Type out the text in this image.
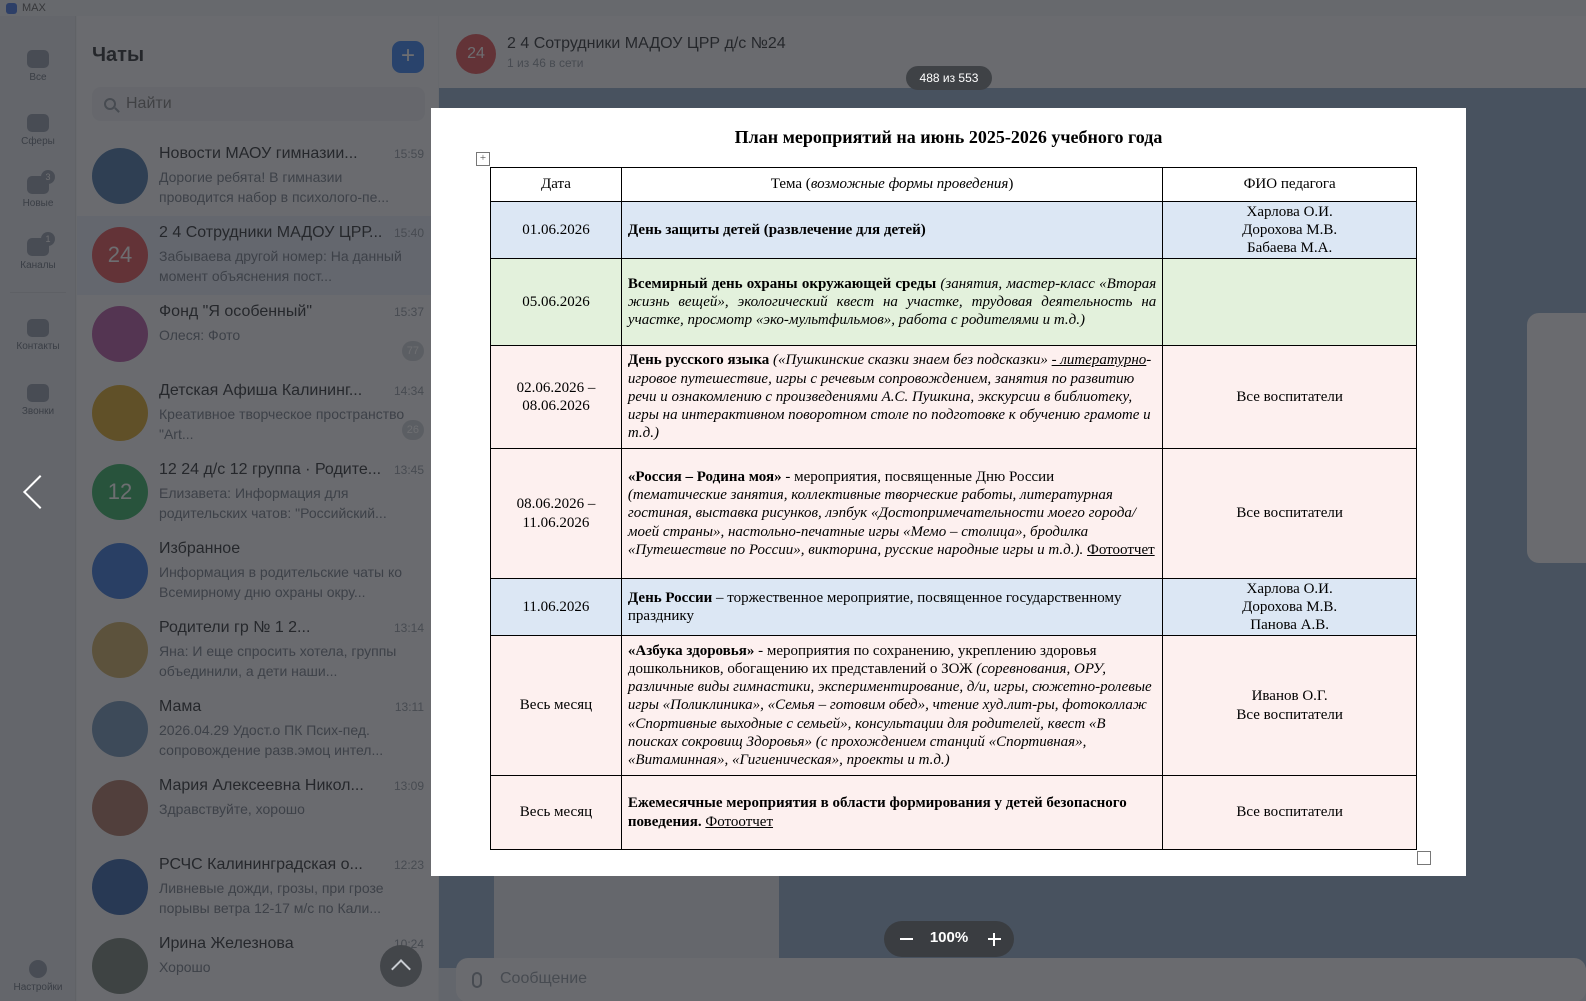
Найти
488 из 553
100%
План мероприятий на июнь 2025-2026 учебного года
+
Дата	Тема (возможные формы проведения)	ФИО педагога
01.06.2026	День защиты детей (развлечение для детей)	Харлова О.И.
Дорохова М.В.
Бабаева М.А.

05.06.2026	Всемирный день охраны окружающей среды (занятия, мастер-класс «Вторая жизнь вещей», экологический квест на участке, трудовая деятельность на участке, просмотр «эко-мультфильмов», работа с родителями и т.д.)	

02.06.2026 –
08.06.2026	День русского языка («Пушкинские сказки знаем без подсказки» - литературно-игровое путешествие, игры с речевым сопровождением, занятия по развитию речи и ознакомлению с произведениями А.С. Пушкина, экскурсии в библиотеку, игры на интерактивном поворотном столе по подготовке к обучению грамоте и т.д.)	Все воспитатели

08.06.2026 –
11.06.2026	«Россия – Родина моя» - мероприятия, посвященные Дню России (тематические занятия, коллективные творческие работы, литературная гостиная, выставка рисунков, лэпбук «Достопримечательности моего города/моей страны», настольно-печатные игры «Мемо – столица», бродилка «Путешествие по России», викторина, русские народные игры и т.д.). Фотоотчет	Все воспитатели
11.06.2026	День России – торжественное мероприятие, посвященное государственному празднику	Харлова О.И.
Дорохова М.В.
Панова А.В.

Весь месяц	«Азбука здоровья» - мероприятия по сохранению, укреплению здоровья дошкольников, обогащению их представлений о ЗОЖ (соревнования, ОРУ, различные виды гимнастики, экспериментирование, д/и, игры, сюжетно-ролевые игры «Поликлиника», «Семья – готовим обед», чтение худ.лит-ры, фотоколлаж «Спортивные выходные с семьей», консультации для родителей, квест «В поисках сокровищ Здоровья» (с прохождением станций «Спортивная», «Витаминная», «Гигиеническая», проекты и т.д.)	Иванов О.Г.
Все воспитатели

Весь месяц	Ежемесячные мероприятия в области формирования у детей безопасного поведения. Фотоотчет	Все воспитатели
